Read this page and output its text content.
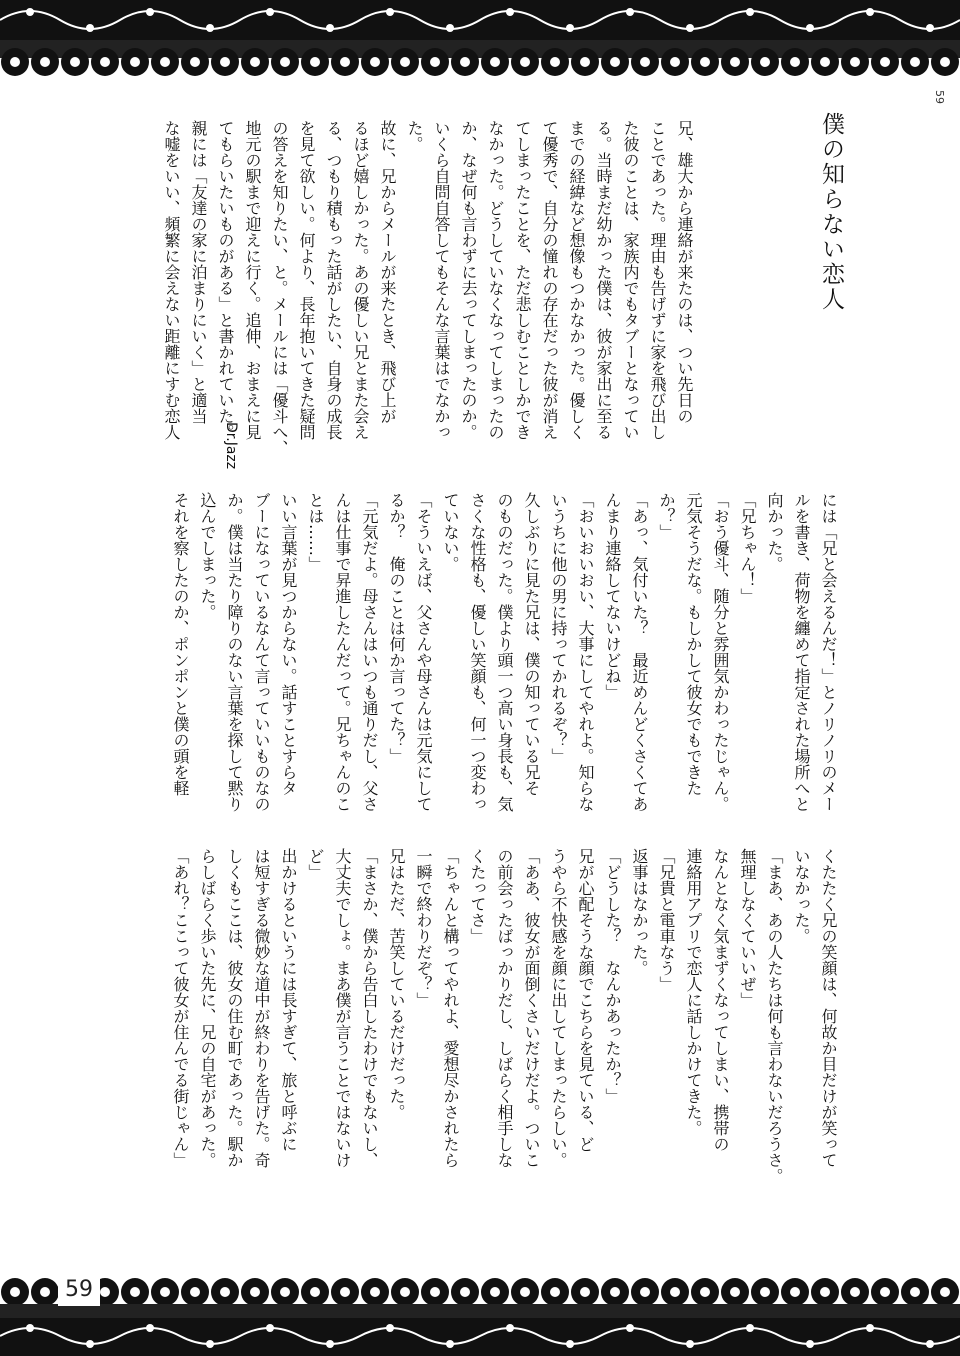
59
僕の知らない恋人
Dr.Jazz
兄、雄大から連絡が来たのは、つい先日の
ことであった。理由も告げずに家を飛び出し
た彼のことは、家族内でもタブーとなってい
る。当時まだ幼かった僕は、彼が家出に至る
までの経緯など想像もつかなかった。優しく
て優秀で、自分の憧れの存在だった彼が消え
てしまったことを、ただ悲しむことしかでき
なかった。どうしていなくなってしまったの
か、なぜ何も言わずに去ってしまったのか。
いくら自問自答してもそんな言葉はでなかっ
た。
故に、兄からメールが来たとき、飛び上が
るほど嬉しかった。あの優しい兄とまた会え
る、つもり積もった話がしたい、自身の成長
を見て欲しい。何より、長年抱いてきた疑問
の答えを知りたい、と。メールには「優斗へ、
地元の駅まで迎えに行く。追伸、おまえに見
てもらいたいものがある」と書かれていた。
親には「友達の家に泊まりにいく」と適当
な嘘をいい、頻繁に会えない距離にすむ恋人
には「兄と会えるんだ！」とノリノリのメー
ルを書き、荷物を纏めて指定された場所へと
向かった。
「兄ちゃん！」
「おう優斗、随分と雰囲気かわったじゃん。
元気そうだな。もしかして彼女でもできた
か？」
「あっ、気付いた？　最近めんどくさくてあ
んまり連絡してないけどね」
「おいおいおい、大事にしてやれよ。知らな
いうちに他の男に持ってかれるぞ？」
久しぶりに見た兄は、僕の知っている兄そ
のものだった。僕より頭一つ高い身長も、気
さくな性格も、優しい笑顔も、何一つ変わっ
ていない。
「そういえば、父さんや母さんは元気にして
るか？　俺のことは何か言ってた？」
「元気だよ。母さんはいつも通りだし、父さ
んは仕事で昇進したんだって。兄ちゃんのこ
とは……」
いい言葉が見つからない。話すことすらタ
ブーになっているなんて言っていいものなの
か。僕は当たり障りのない言葉を探して黙り
込んでしまった。
それを察したのか、ポンポンと僕の頭を軽
くたたく兄の笑顔は、何故か目だけが笑って
いなかった。
「まあ、あの人たちは何も言わないだろうさ。
無理しなくていいぜ」
なんとなく気まずくなってしまい、携帯の
連絡用アプリで恋人に話しかけてきた。
「兄貴と電車なう」
返事はなかった。
「どうした？　なんかあったか？」
兄が心配そうな顔でこちらを見ている、ど
うやら不快感を顔に出してしまったらしい。
「ああ、彼女が面倒くさいだけだよ。ついこ
の前会ったばっかりだし、しばらく相手しな
くたってさ」
「ちゃんと構ってやれよ、愛想尽かされたら
一瞬で終わりだぞ？」
兄はただ、苦笑しているだけだった。
「まさか、僕から告白したわけでもないし、
大丈夫でしょ。まあ僕が言うことではないけ
ど」
出かけるというには長すぎて、旅と呼ぶに
は短すぎる微妙な道中が終わりを告げた。奇
しくもここは、彼女の住む町であった。駅か
らしばらく歩いた先に、兄の自宅があった。
「あれ？ここって彼女が住んでる街じゃん」
59
